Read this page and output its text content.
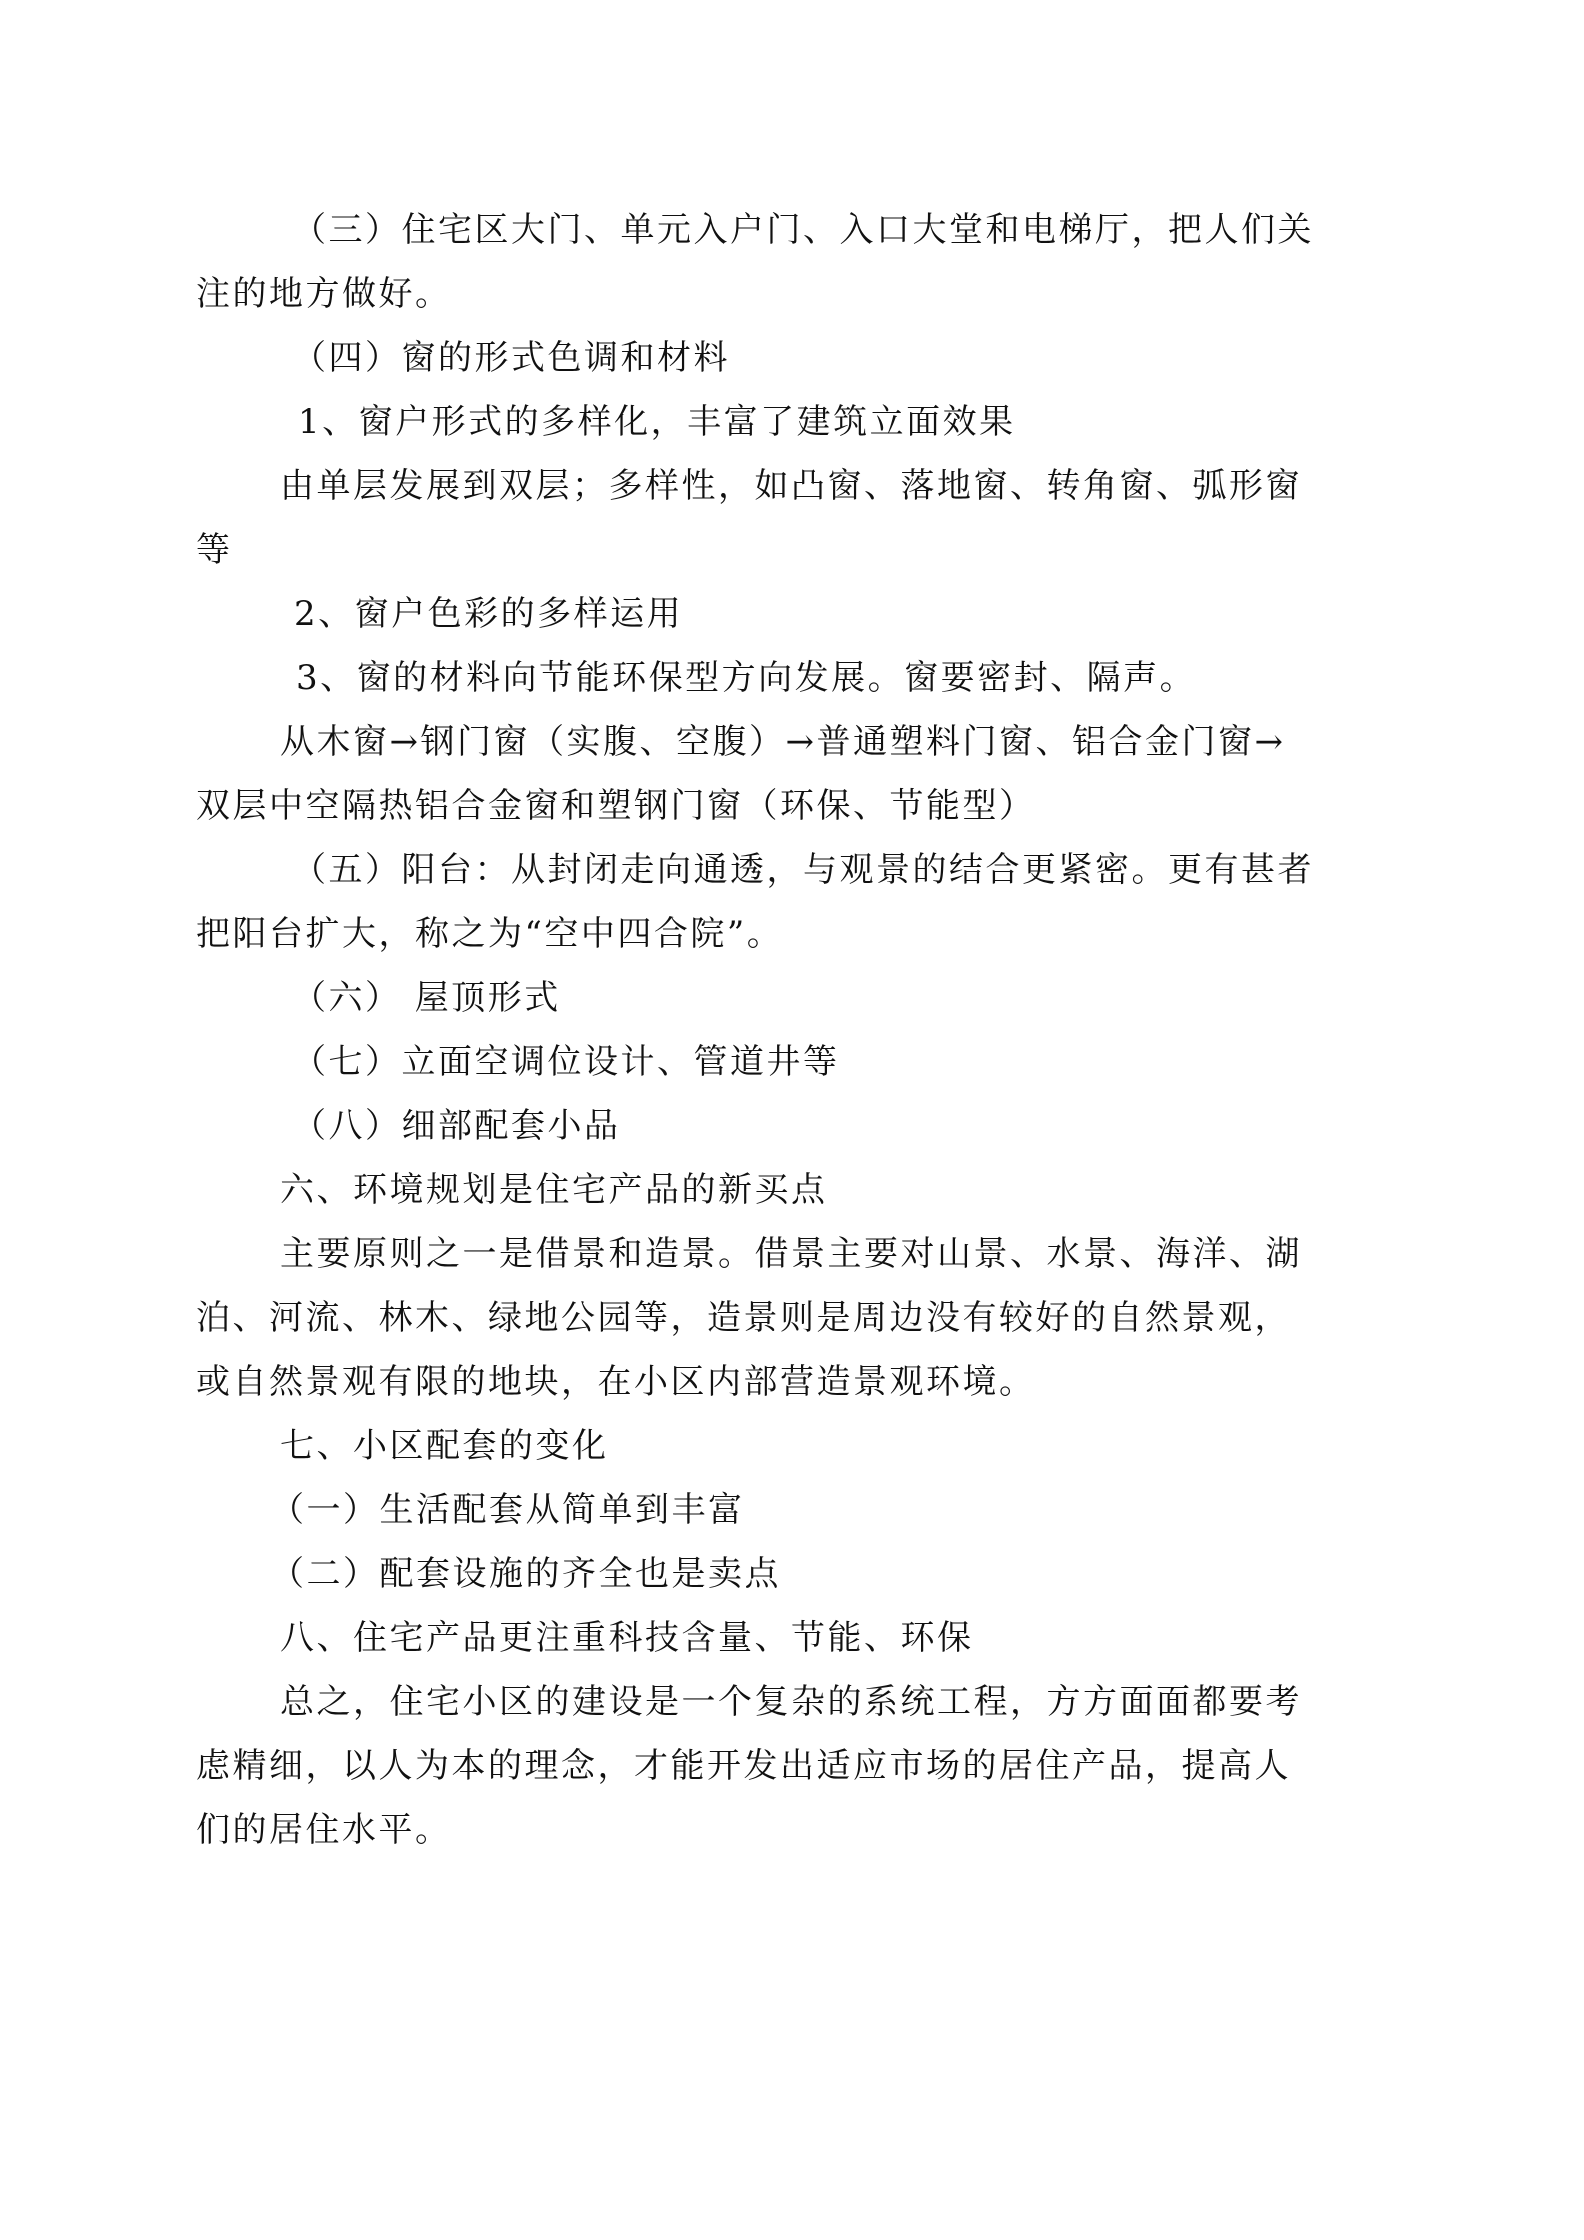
（三）住宅区大门、单元入户门、入口大堂和电梯厅，把人们关
注的地方做好。
（四）窗的形式色调和材料
1、窗户形式的多样化，丰富了建筑立面效果
由单层发展到双层；多样性，如凸窗、落地窗、转角窗、弧形窗
等
2、窗户色彩的多样运用
3、窗的材料向节能环保型方向发展。窗要密封、隔声。
从木窗→钢门窗（实腹、空腹）→普通塑料门窗、铝合金门窗→
双层中空隔热铝合金窗和塑钢门窗（环保、节能型）
（五）阳台：从封闭走向通透，与观景的结合更紧密。更有甚者
把阳台扩大，称之为“空中四合院”。
（六） 屋顶形式
（七）立面空调位设计、管道井等
（八）细部配套小品
六、环境规划是住宅产品的新买点
主要原则之一是借景和造景。借景主要对山景、水景、海洋、湖
泊、河流、林木、绿地公园等，造景则是周边没有较好的自然景观，
或自然景观有限的地块，在小区内部营造景观环境。
七、小区配套的变化
（一）生活配套从简单到丰富
（二）配套设施的齐全也是卖点
八、住宅产品更注重科技含量、节能、环保
总之，住宅小区的建设是一个复杂的系统工程，方方面面都要考
虑精细，以人为本的理念，才能开发出适应市场的居住产品，提高人
们的居住水平。
